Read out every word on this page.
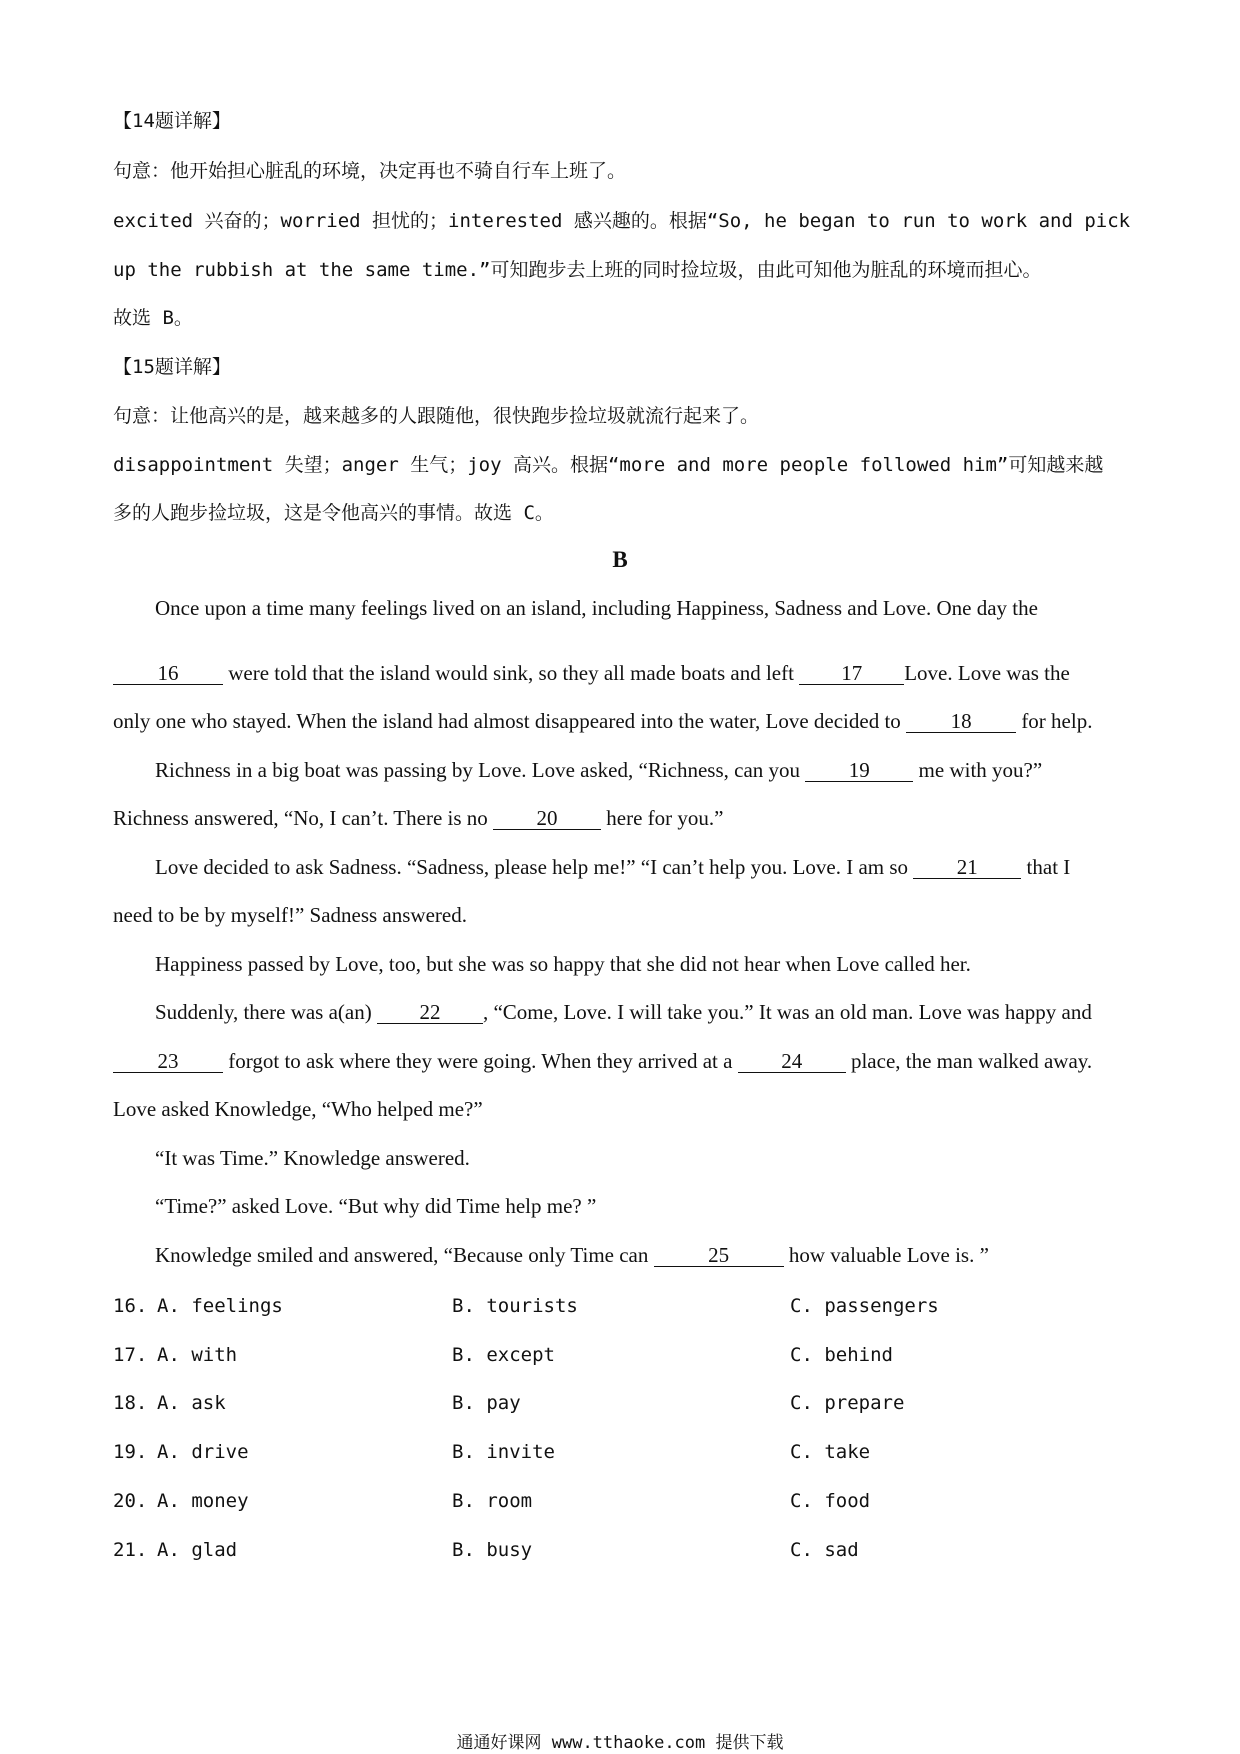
【14题详解】
句意：他开始担心脏乱的环境，决定再也不骑自行车上班了。
excited 兴奋的；worried 担忧的；interested 感兴趣的。根据“So, he began to run to work and pick
up the rubbish at the same time.”可知跑步去上班的同时捡垃圾，由此可知他为脏乱的环境而担心。
故选 B。
【15题详解】
句意：让他高兴的是，越来越多的人跟随他，很快跑步捡垃圾就流行起来了。
disappointment 失望；anger 生气；joy 高兴。根据“more and more people followed him”可知越来越
多的人跑步捡垃圾，这是令他高兴的事情。故选 C。
B
Once upon a time many feelings lived on an island, including Happiness, Sadness and Love. One day the
16 were told that the island would sink, so they all made boats and left 17 Love. Love was the
only one who stayed. When the island had almost disappeared into the water, Love decided to 18 for help.
Richness in a big boat was passing by Love. Love asked, “Richness, can you 19 me with you?”
Richness answered, “No, I can’t. There is no 20 here for you.”
Love decided to ask Sadness. “Sadness, please help me!” “I can’t help you. Love. I am so 21 that I
need to be by myself!” Sadness answered.
Happiness passed by Love, too, but she was so happy that she did not hear when Love called her.
Suddenly, there was a(an) 22 , “Come, Love. I will take you.” It was an old man. Love was happy and
23 forgot to ask where they were going. When they arrived at a 24 place, the man walked away.
Love asked Knowledge, “Who helped me?”
“It was Time.” Knowledge answered.
“Time?” asked Love. “But why did Time help me? ”
Knowledge smiled and answered, “Because only Time can	25	how valuable Love is. ”
16. A. feelings	B. tourists	C. passengers
17. A. with	B. except	C. behind
18. A. ask	B. pay	C. prepare
19. A. drive	B. invite	C. take
20. A. money	B. room	C. food
21. A. glad	B. busy	C. sad
通通好课网 www.tthaoke.com 提供下载
